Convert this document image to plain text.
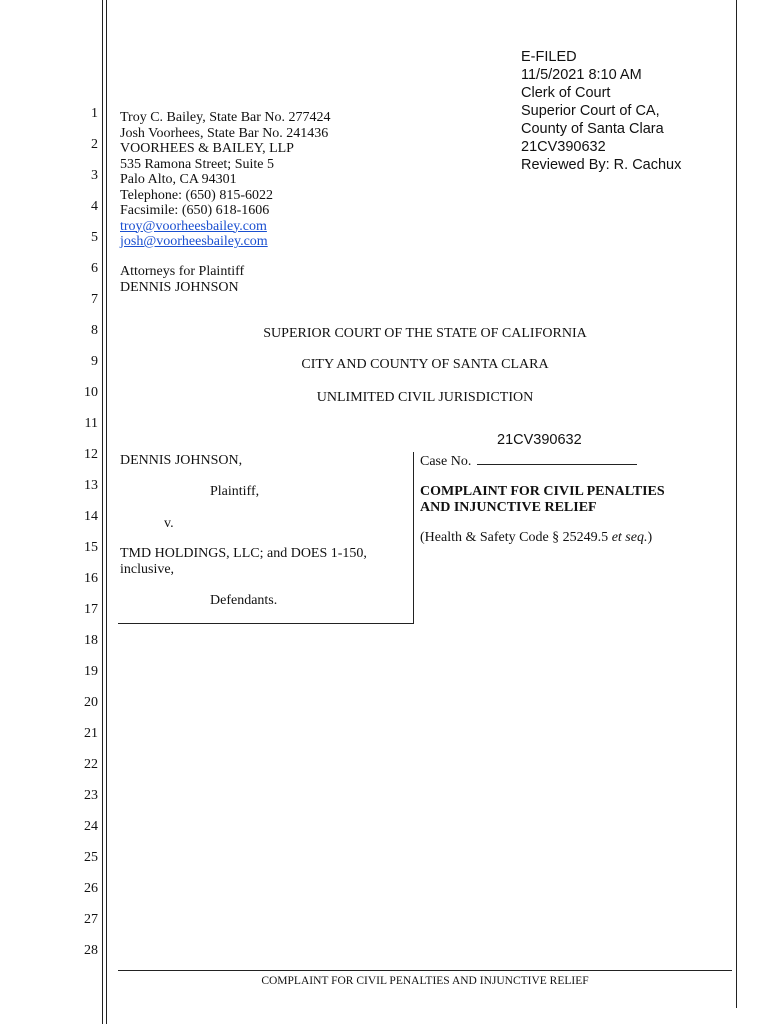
1
2
3
4
5
6
7
8
9
10
11
12
13
14
15
16
17
18
19
20
21
22
23
24
25
26
27
28
E-FILED
11/5/2021 8:10 AM
Clerk of Court
Superior Court of CA,
County of Santa Clara
21CV390632
Reviewed By: R. Cachux
Troy C. Bailey, State Bar No. 277424
Josh Voorhees, State Bar No. 241436
VOORHEES & BAILEY, LLP
535 Ramona Street; Suite 5
Palo Alto, CA 94301
Telephone: (650) 815-6022
Facsimile: (650) 618-1606
troy@voorheesbailey.com
josh@voorheesbailey.com
Attorneys for Plaintiff
DENNIS JOHNSON
SUPERIOR COURT OF THE STATE OF CALIFORNIA
CITY AND COUNTY OF SANTA CLARA
UNLIMITED CIVIL JURISDICTION
DENNIS JOHNSON,
Plaintiff,
v.
TMD HOLDINGS, LLC; and DOES 1-150,
inclusive,
Defendants.
21CV390632
Case No.
COMPLAINT FOR CIVIL PENALTIES
AND INJUNCTIVE RELIEF
(Health & Safety Code § 25249.5 et seq.)
COMPLAINT FOR CIVIL PENALTIES AND INJUNCTIVE RELIEF
